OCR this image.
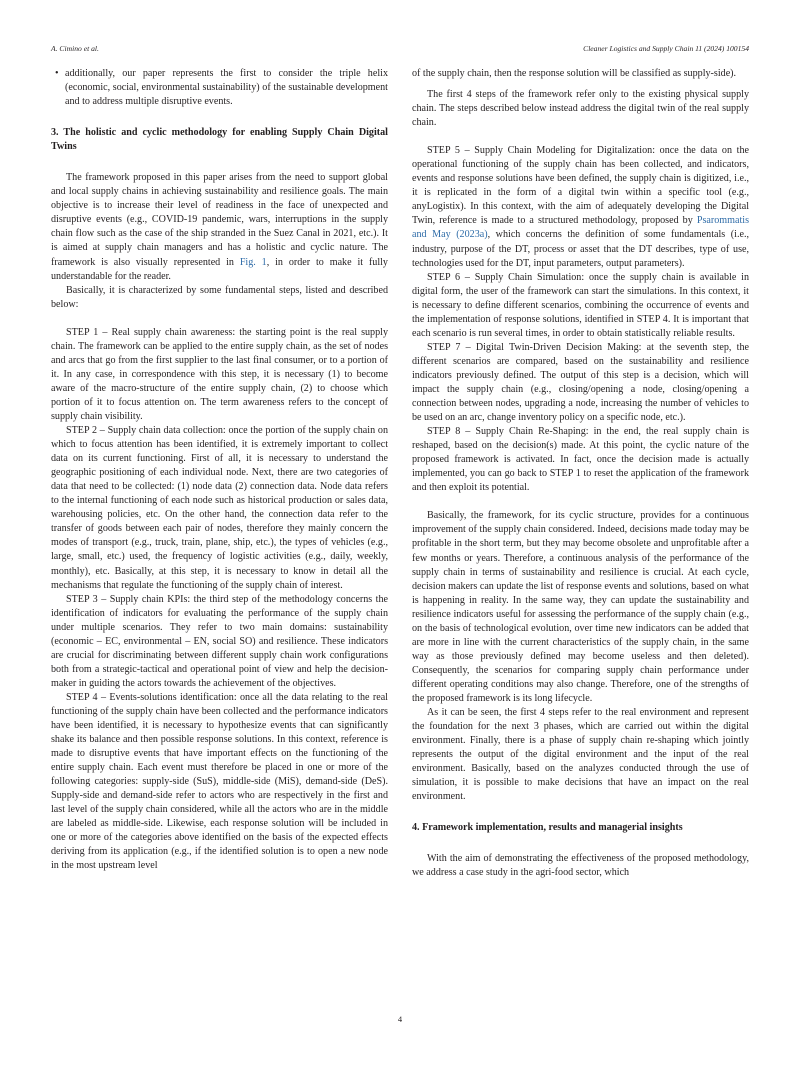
A. Cimino et al.	Cleaner Logistics and Supply Chain 11 (2024) 100154

• additionally, our paper represents the first to consider the triple helix (economic, social, environmental sustainability) of the sustainable development and to address multiple disruptive events.

3. The holistic and cyclic methodology for enabling Supply Chain Digital Twins

The framework proposed in this paper arises from the need to support global and local supply chains in achieving sustainability and resilience goals. The main objective is to increase their level of readiness in the face of unexpected and disruptive events (e.g., COVID-19 pandemic, wars, interruptions in the supply chain flow such as the case of the ship stranded in the Suez Canal in 2021, etc.). It is aimed at supply chain managers and has a holistic and cyclic nature. The framework is also visually represented in Fig. 1, in order to make it fully understandable for the reader.

Basically, it is characterized by some fundamental steps, listed and described below:

STEP 1 – Real supply chain awareness: the starting point is the real supply chain. The framework can be applied to the entire supply chain, as the set of nodes and arcs that go from the first supplier to the last final consumer, or to a portion of it. In any case, in correspondence with this step, it is necessary (1) to become aware of the macro-structure of the entire supply chain, (2) to choose which portion of it to focus attention on. The term awareness refers to the concept of supply chain visibility.

STEP 2 – Supply chain data collection: once the portion of the supply chain on which to focus attention has been identified, it is extremely important to collect data on its current functioning. First of all, it is necessary to understand the geographic positioning of each individual node. Next, there are two categories of data that need to be collected: (1) node data (2) connection data. Node data refers to the internal functioning of each node such as historical production or sales data, warehousing policies, etc. On the other hand, the connection data refer to the transfer of goods between each pair of nodes, therefore they mainly concern the modes of transport (e.g., truck, train, plane, ship, etc.), the types of vehicles (e.g., large, small, etc.) used, the frequency of logistic activities (e.g., daily, weekly, monthly), etc. Basically, at this step, it is necessary to know in detail all the mechanisms that regulate the functioning of the supply chain of interest.

STEP 3 – Supply chain KPIs: the third step of the methodology concerns the identification of indicators for evaluating the performance of the supply chain under multiple scenarios. They refer to two main domains: sustainability (economic – EC, environmental – EN, social SO) and resilience. These indicators are crucial for discriminating between different supply chain work configurations both from a strategic-tactical and operational point of view and help the decision-maker in guiding the actors towards the achievement of the objectives.

STEP 4 – Events-solutions identification: once all the data relating to the real functioning of the supply chain have been collected and the performance indicators have been identified, it is necessary to hypothesize events that can significantly shake its balance and then possible response solutions. In this context, reference is made to disruptive events that have important effects on the functioning of the entire supply chain. Each event must therefore be placed in one or more of the following categories: supply-side (SuS), middle-side (MiS), demand-side (DeS). Supply-side and demand-side refer to actors who are respectively in the first and last level of the supply chain considered, while all the actors who are in the middle are labeled as middle-side. Likewise, each response solution will be included in one or more of the categories above identified on the basis of the expected effects deriving from its application (e.g., if the identified solution is to open a new node in the most upstream level

of the supply chain, then the response solution will be classified as supply-side).

The first 4 steps of the framework refer only to the existing physical supply chain. The steps described below instead address the digital twin of the real supply chain.

STEP 5 – Supply Chain Modeling for Digitalization: once the data on the operational functioning of the supply chain has been collected, and indicators, events and response solutions have been defined, the supply chain is digitized, i.e., it is replicated in the form of a digital twin within a specific tool (e.g., anyLogistix). In this context, with the aim of adequately developing the Digital Twin, reference is made to a structured methodology, proposed by Psarommatis and May (2023a), which concerns the definition of some fundamentals (i.e., industry, purpose of the DT, process or asset that the DT describes, type of use, technologies used for the DT, input parameters, output parameters).

STEP 6 – Supply Chain Simulation: once the supply chain is available in digital form, the user of the framework can start the simulations. In this context, it is necessary to define different scenarios, combining the occurrence of events and the implementation of response solutions, identified in STEP 4. It is important that each scenario is run several times, in order to obtain statistically reliable results.

STEP 7 – Digital Twin-Driven Decision Making: at the seventh step, the different scenarios are compared, based on the sustainability and resilience indicators previously defined. The output of this step is a decision, which will impact the supply chain (e.g., closing/opening a node, closing/opening a connection between nodes, upgrading a node, increasing the number of vehicles to be used on an arc, change inventory policy on a specific node, etc.).

STEP 8 – Supply Chain Re-Shaping: in the end, the real supply chain is reshaped, based on the decision(s) made. At this point, the cyclic nature of the proposed framework is activated. In fact, once the decision made is actually implemented, you can go back to STEP 1 to reset the application of the framework and then exploit its potential.

Basically, the framework, for its cyclic structure, provides for a continuous improvement of the supply chain considered. Indeed, decisions made today may be profitable in the short term, but they may become obsolete and unprofitable after a few months or years. Therefore, a continuous analysis of the performance of the supply chain in terms of sustainability and resilience is crucial. At each cycle, decision makers can update the list of response events and solutions, based on what is happening in reality. In the same way, they can update the sustainability and resilience indicators useful for assessing the performance of the supply chain (e.g., on the basis of technological evolution, over time new indicators can be added that are more in line with the current characteristics of the supply chain, in the same way as those previously defined may become useless and then deleted). Consequently, the scenarios for comparing supply chain performance under different operating conditions may also change. Therefore, one of the strengths of the proposed framework is its long lifecycle.

As it can be seen, the first 4 steps refer to the real environment and represent the foundation for the next 3 phases, which are carried out within the digital environment. Finally, there is a phase of supply chain re-shaping which jointly represents the output of the digital environment and the input of the real environment. Basically, based on the analyzes conducted through the use of simulation, it is possible to make decisions that have an impact on the real environment.

4. Framework implementation, results and managerial insights

With the aim of demonstrating the effectiveness of the proposed methodology, we address a case study in the agri-food sector, which

4
